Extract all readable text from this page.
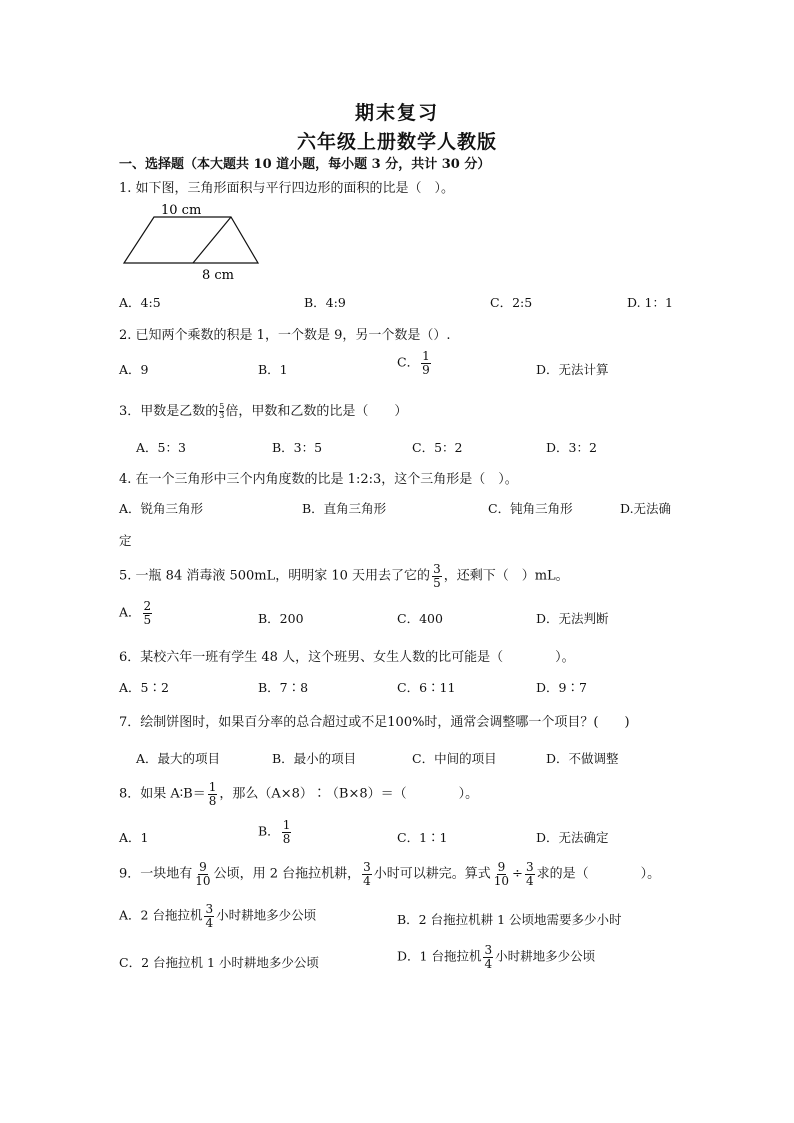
期末复习
六年级上册数学人教版
一、选择题（本大题共 10 道小题，每小题 3 分，共计 30 分）
1. 如下图，三角形面积与平行四边形的面积的比是（　）。
10 cm
8 cm
A．4:5	B．4:9	C．2:5	D. 1：1
2. 已知两个乘数的积是 1，一个数是 9，另一个数是（）.
A．9	B．1	C． $\frac{1}{9}$	D．无法计算
3．甲数是乙数的 $\frac{5}{3}$ 倍，甲数和乙数的比是（　　）
A．5：3	B．3：5	C．5：2	D．3：2
4. 在一个三角形中三个内角度数的比是 1:2:3，这个三角形是（　）。
A．锐角三角形	B．直角三角形	C．钝角三角形	D.无法确
定
5. 一瓶 84 消毒液 500mL，明明家 10 天用去了它的 $\frac{3}{5}$ ，还剩下（　）mL。
A． $\frac{2}{5}$	B．200	C．400	D．无法判断
6．某校六年一班有学生 48 人，这个班男、女生人数的比可能是（　　　　）。
A．5∶2	B．7∶8	C．6∶11	D．9∶7
7．绘制饼图时，如果百分率的总合超过或不足100%时，通常会调整哪一个项目？(　　)
A．最大的项目	B．最小的项目	C．中间的项目	D．不做调整
8．如果 A∶B＝ $\frac{1}{8}$ ，那么（A×8）∶（B×8）＝（　　　　）。
A．1	B． $\frac{1}{8}$	C．1∶1	D．无法确定
9．一块地有 $\frac{9}{10}$ 公顷，用 2 台拖拉机耕， $\frac{3}{4}$ 小时可以耕完。算式 $\frac{9}{10} \div \frac{3}{4}$ 求的是（　　　　）。
A．2 台拖拉机 $\frac{3}{4}$ 小时耕地多少公顷	B．2 台拖拉机耕 1 公顷地需要多少小时
C．2 台拖拉机 1 小时耕地多少公顷	D．1 台拖拉机 $\frac{3}{4}$ 小时耕地多少公顷
